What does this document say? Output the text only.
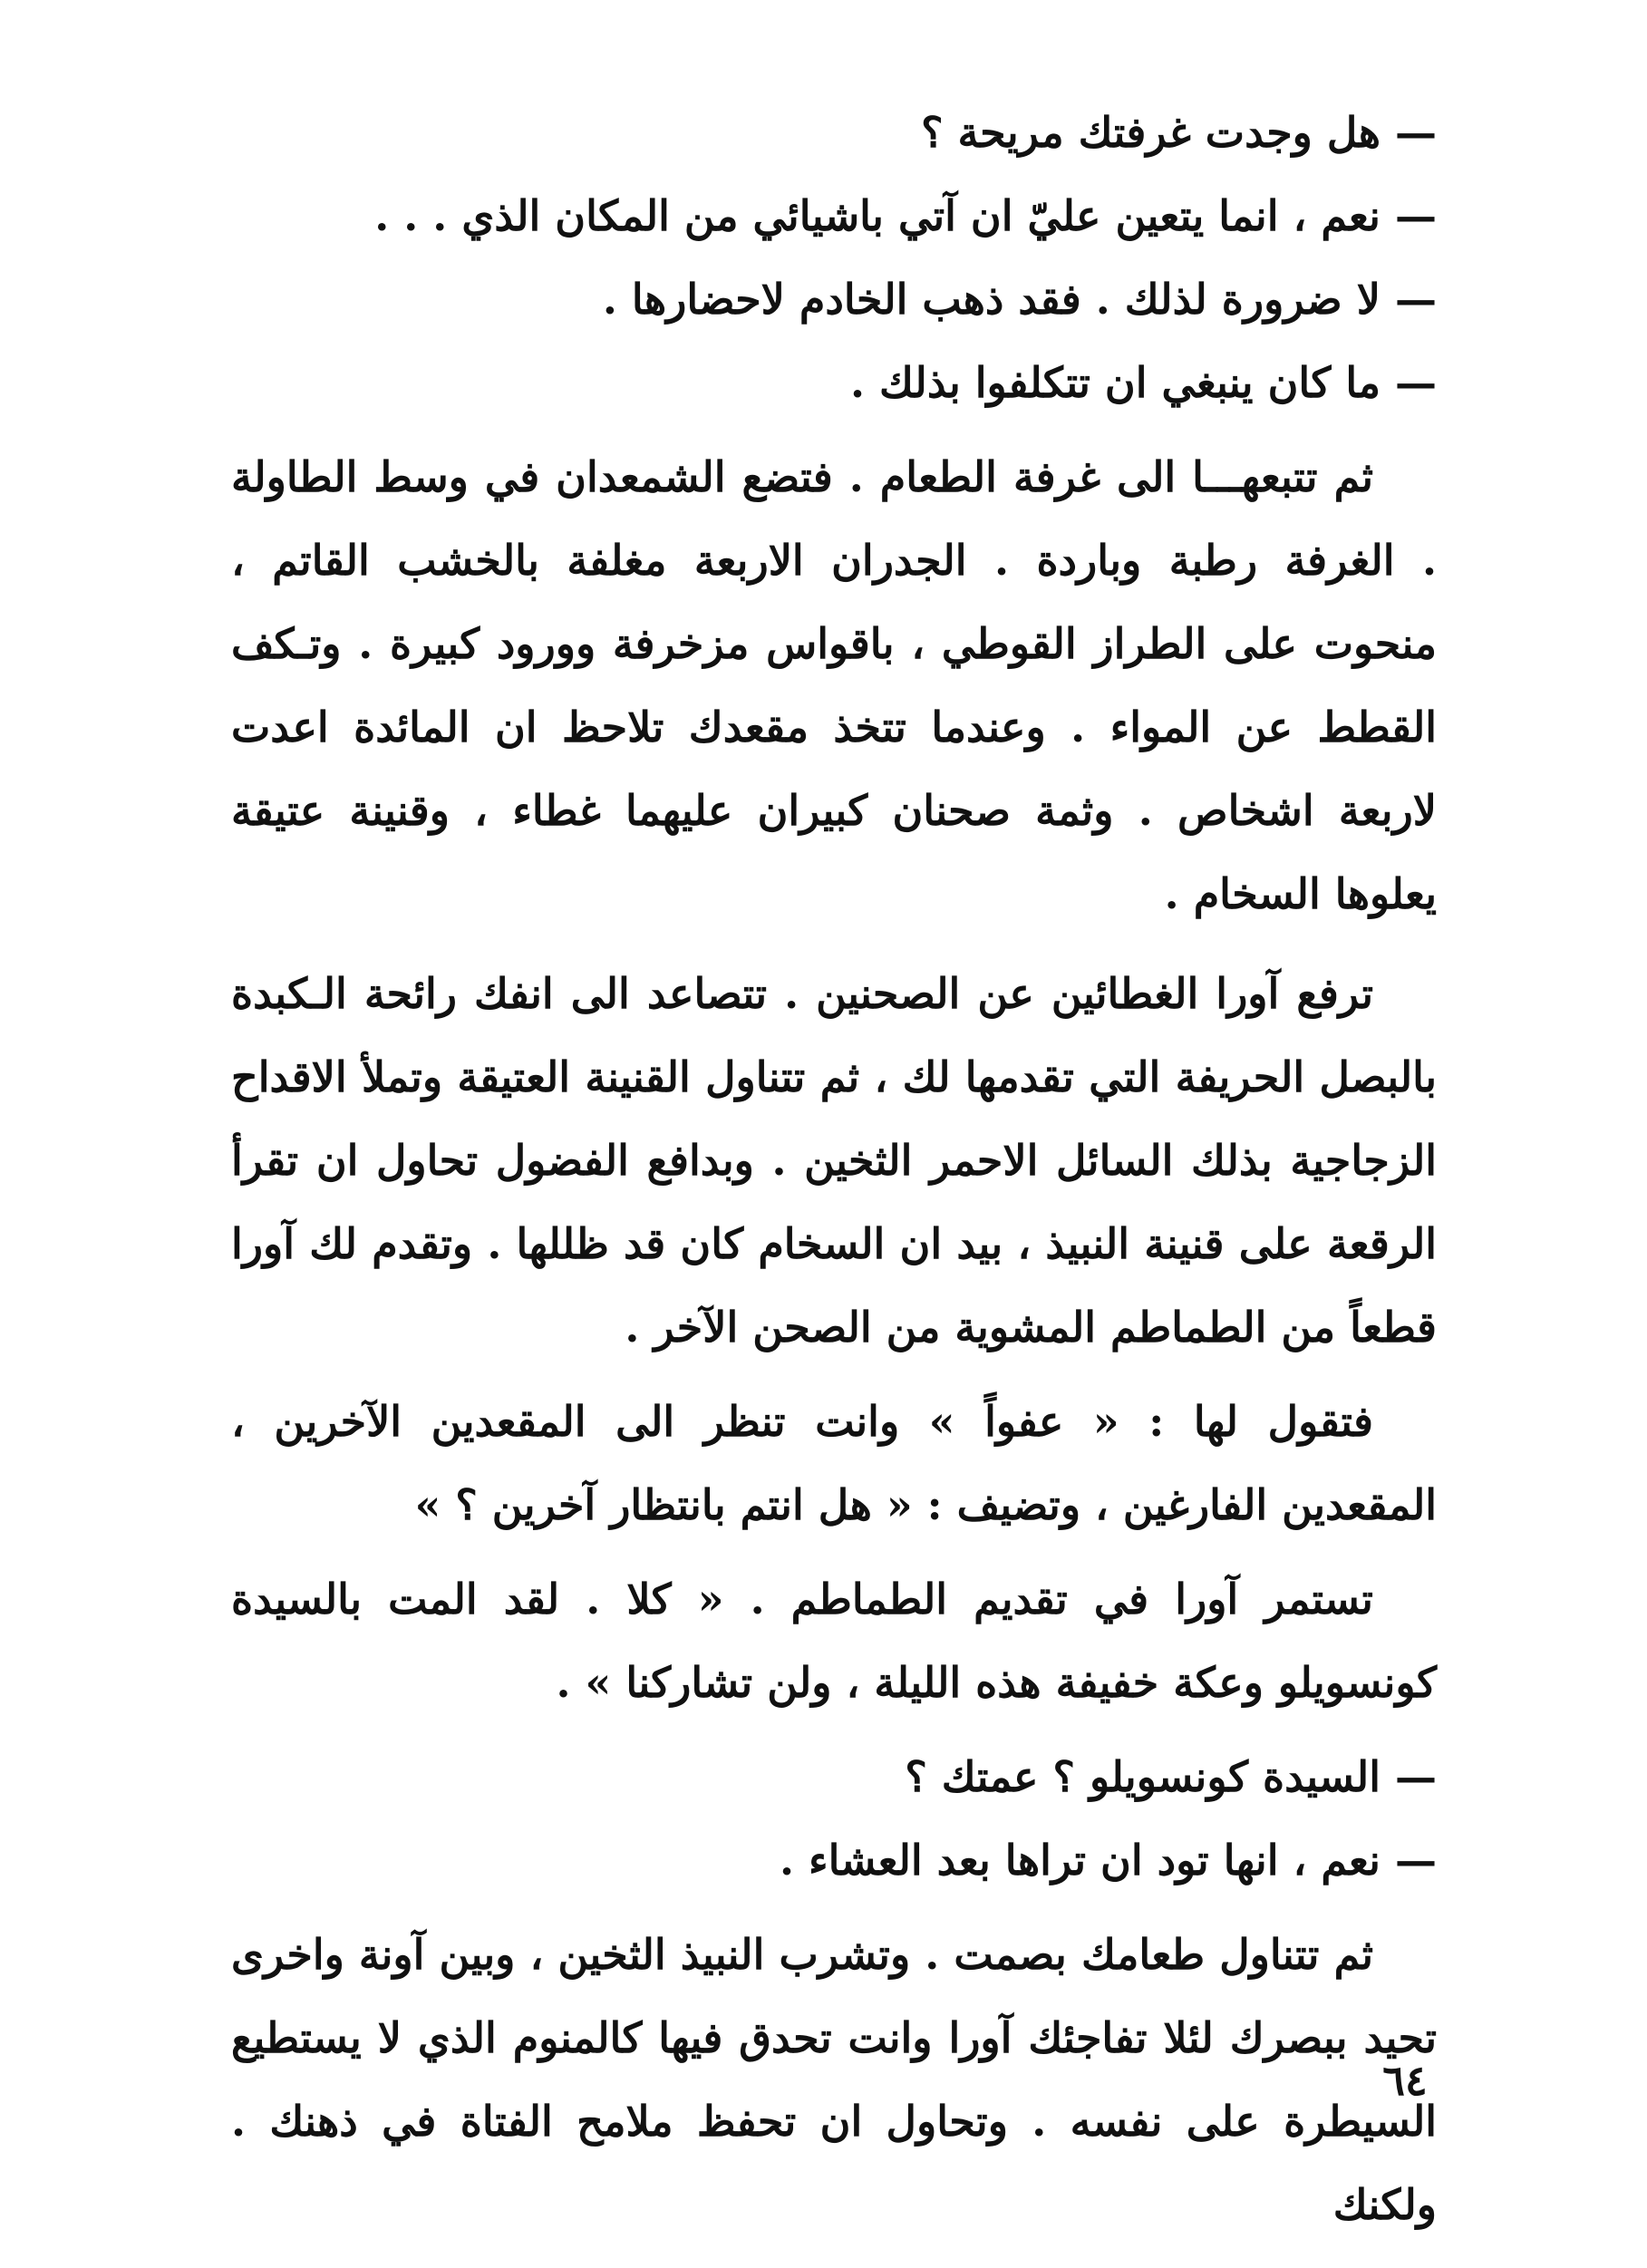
— هل وجدت غرفتك مريحة ؟

— نعم ، انما يتعين عليّ ان آتي باشيائي من المكان الذي . . .

— لا ضرورة لذلك . فقد ذهب الخادم لاحضارها .

— ما كان ينبغي ان تتكلفوا بذلك .

ثم تتبعهـــا الى غرفة الطعام . فتضع الشمعدان في وسط الطاولة . الغرفة رطبة وباردة . الجدران الاربعة مغلفة بالخشب القاتم ، منحوت على الطراز القوطي ، باقواس مزخرفة وورود كبيرة . وتـكف القطط عن المواء . وعندما تتخذ مقعدك تلاحظ ان المائدة اعدت لاربعة اشخاص . وثمة صحنان كبيران عليهما غطاء ، وقنينة عتيقة يعلوها السخام .

ترفع آورا الغطائين عن الصحنين . تتصاعد الى انفك رائحة الـكبدة بالبصل الحريفة التي تقدمها لك ، ثم تتناول القنينة العتيقة وتملأ الاقداح الزجاجية بذلك السائل الاحمر الثخين . وبدافع الفضول تحاول ان تقرأ الرقعة على قنينة النبيذ ، بيد ان السخام كان قد ظللها . وتقدم لك آورا قطعاً من الطماطم المشوية من الصحن الآخر .

فتقول لها : « عفواً » وانت تنظر الى المقعدين الآخرين ، المقعدين الفارغين ، وتضيف : « هل انتم بانتظار آخرين ؟ »

تستمر آورا في تقديم الطماطم . « كلا . لقد المت بالسيدة كونسويلو وعكة خفيفة هذه الليلة ، ولن تشاركنا » .

— السيدة كونسويلو ؟ عمتك ؟

— نعم ، انها تود ان تراها بعد العشاء .

ثم تتناول طعامك بصمت . وتشرب النبيذ الثخين ، وبين آونة واخرى تحيد ببصرك لئلا تفاجئك آورا وانت تحدق فيها كالمنوم الذي لا يستطيع السيطرة على نفسه . وتحاول ان تحفظ ملامح الفتاة في ذهنك . ولكنك

٦٤
